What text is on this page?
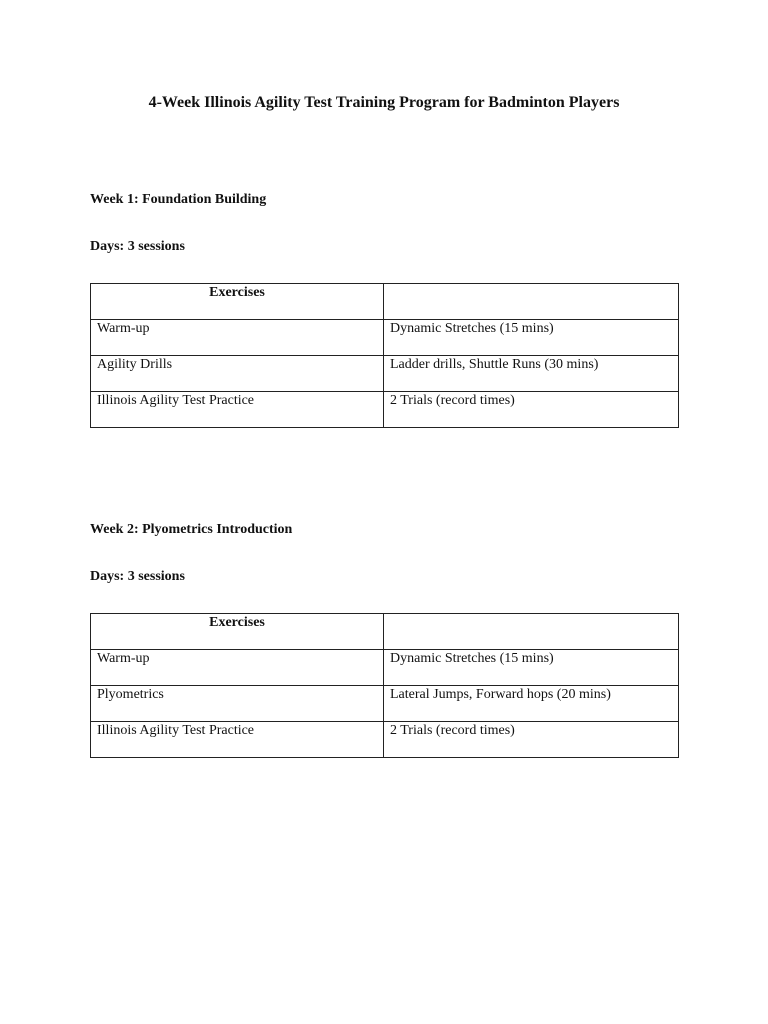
4-Week Illinois Agility Test Training Program for Badminton Players
Week 1: Foundation Building
Days: 3 sessions
Exercises	
Warm-up	Dynamic Stretches (15 mins)
Agility Drills	Ladder drills, Shuttle Runs (30 mins)
Illinois Agility Test Practice	2 Trials (record times)
Week 2: Plyometrics Introduction
Days: 3 sessions
Exercises	
Warm-up	Dynamic Stretches (15 mins)
Plyometrics	Lateral Jumps, Forward hops (20 mins)
Illinois Agility Test Practice	2 Trials (record times)
